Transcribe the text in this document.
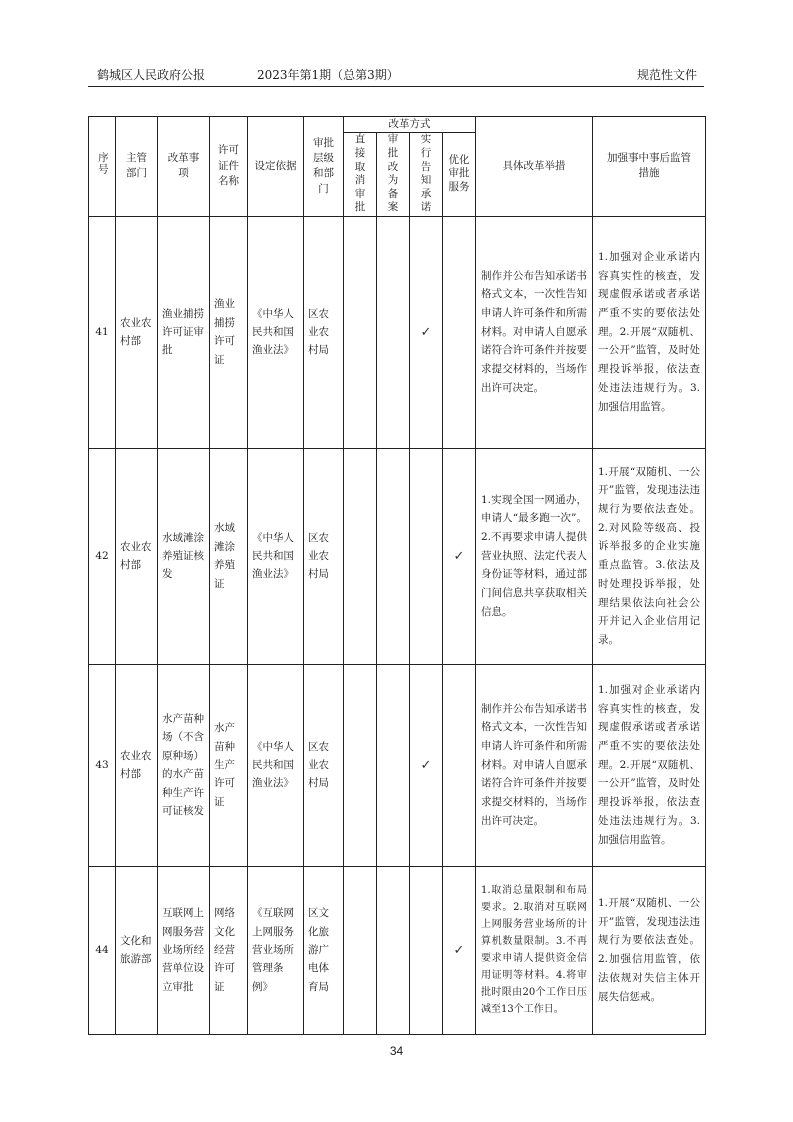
鹤城区人民政府公报	2023年第1期（总第3期）	规范性文件
序号	主管部门	改革事项	许可证件名称	设定依据	审批层级和部门	改革方式				具体改革举措	加强事中事后监管措施
						直接取消审批	审批改为备案	实行告知承诺	优化审批服务		
41	农业农村部	渔业捕捞许可证审批	渔业捕捞许可证	《中华人民共和国渔业法》	区农业农村局			✓		制作并公布告知承诺书格式文本，一次性告知申请人许可条件和所需材料。对申请人自愿承诺符合许可条件并按要求提交材料的，当场作出许可决定。	1.加强对企业承诺内容真实性的核查，发现虚假承诺或者承诺严重不实的要依法处理。2.开展“双随机、一公开”监管，及时处理投诉举报，依法查处违法违规行为。3.加强信用监管。

42	农业农村部	水域滩涂养殖证核发	水域滩涂养殖证	《中华人民共和国渔业法》	区农业农村局				✓	1.实现全国一网通办，申请人“最多跑一次”。2.不再要求申请人提供营业执照、法定代表人身份证等材料，通过部门间信息共享获取相关信息。	1.开展“双随机、一公开”监管，发现违法违规行为要依法查处。2.对风险等级高、投诉举报多的企业实施重点监管。3.依法及时处理投诉举报，处理结果依法向社会公开并记入企业信用记录。

43	农业农村部	水产苗种场（不含原种场）的水产苗种生产许可证核发	水产苗种生产许可证	《中华人民共和国渔业法》	区农业农村局			✓		制作并公布告知承诺书格式文本，一次性告知申请人许可条件和所需材料。对申请人自愿承诺符合许可条件并按要求提交材料的，当场作出许可决定。	1.加强对企业承诺内容真实性的核查，发现虚假承诺或者承诺严重不实的要依法处理。2.开展“双随机、一公开”监管，及时处理投诉举报，依法查处违法违规行为。3.加强信用监管。

44	文化和旅游部	互联网上网服务营业场所经营单位设立审批	网络文化经营许可证	《互联网上网服务营业场所管理条例》	区文化旅游广电体育局				✓	1.取消总量限制和布局要求。2.取消对互联网上网服务营业场所的计算机数量限制。3.不再要求申请人提供资金信用证明等材料。4.将审批时限由20个工作日压减至13个工作日。	1.开展“双随机、一公开”监管，发现违法违规行为要依法查处。2.加强信用监管，依法依规对失信主体开展失信惩戒。
34
